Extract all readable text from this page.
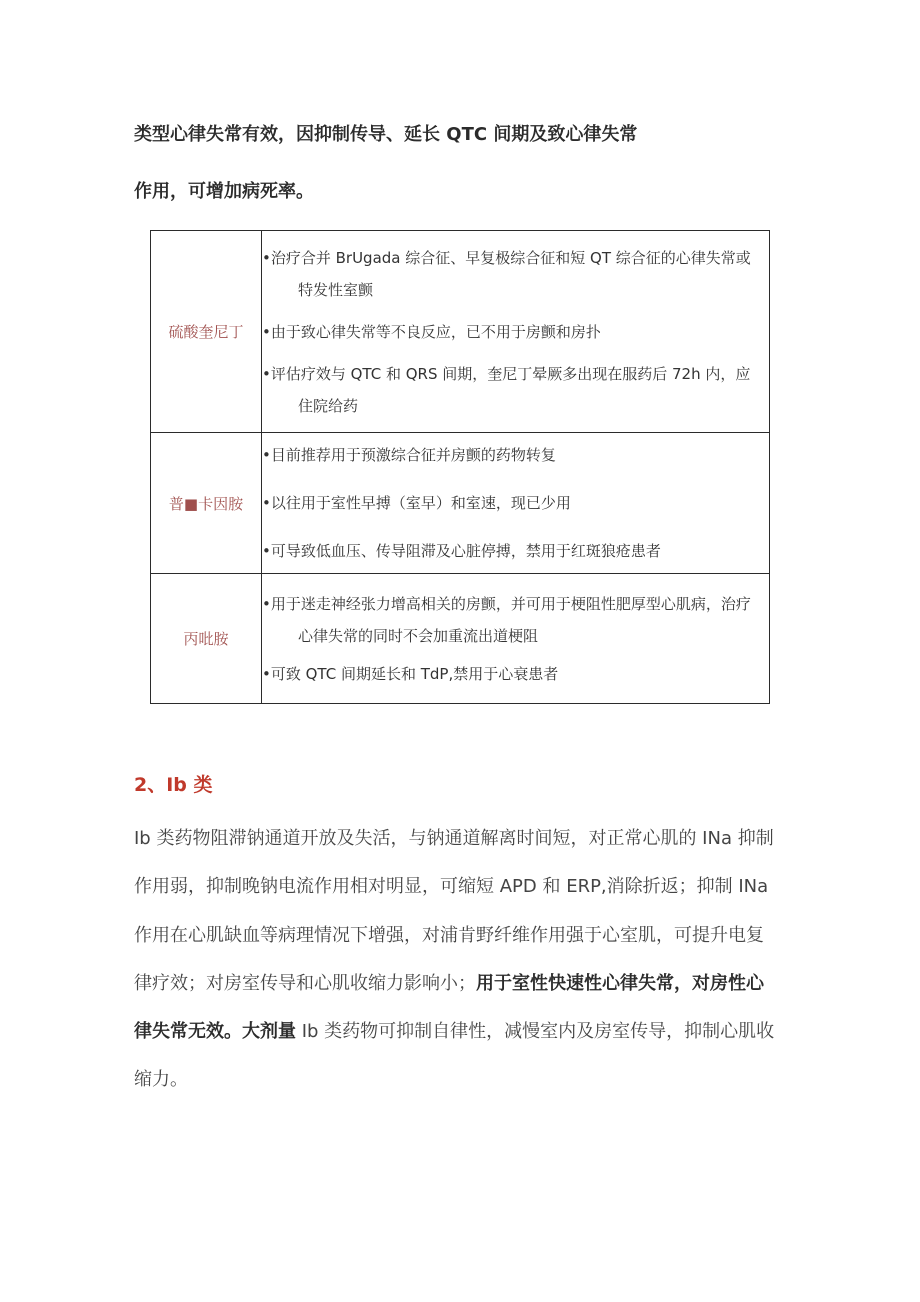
类型心律失常有效，因抑制传导、延长 QTC 间期及致心律失常
作用，可增加病死率。
硫酸奎尼丁	•治疗合并 BrUgada 综合征、早复极综合征和短 QT 综合征的心律失常或
特发性室颤
•由于致心律失常等不良反应，已不用于房颤和房扑
•评估疗效与 QTC 和 QRS 间期，奎尼丁晕厥多出现在服药后 72h 内，应
住院给药

普■卡因胺	•目前推荐用于预激综合征并房颤的药物转复
•以往用于室性早搏（室早）和室速，现已少用
•可导致低血压、传导阻滞及心脏停搏，禁用于红斑狼疮患者

丙吡胺	•用于迷走神经张力增高相关的房颤，并可用于梗阻性肥厚型心肌病，治疗
心律失常的同时不会加重流出道梗阻
•可致 QTC 间期延长和 TdP,禁用于心衰患者
2、Ib 类
Ib 类药物阻滞钠通道开放及失活，与钠通道解离时间短，对正常心肌的 INa 抑制
作用弱，抑制晚钠电流作用相对明显，可缩短 APD 和 ERP,消除折返；抑制 INa
作用在心肌缺血等病理情况下增强，对浦肯野纤维作用强于心室肌，可提升电复
律疗效；对房室传导和心肌收缩力影响小；用于室性快速性心律失常，对房性心
律失常无效。大剂量 Ib 类药物可抑制自律性，减慢室内及房室传导，抑制心肌收
缩力。
